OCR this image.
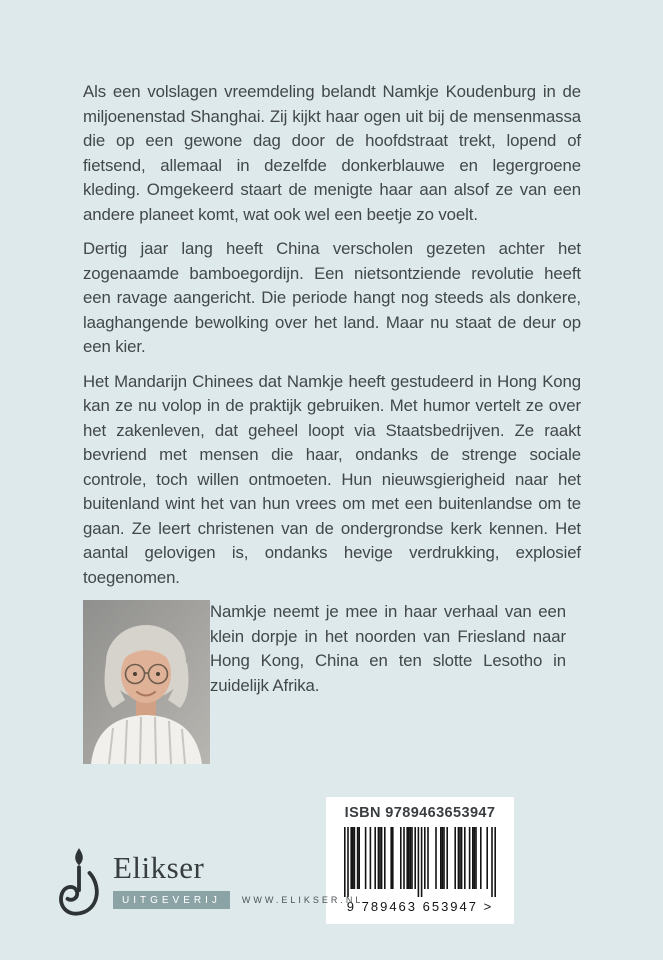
Als een volslagen vreemdeling belandt Namkje Koudenburg in de miljoenenstad Shanghai. Zij kijkt haar ogen uit bij de mensenmassa die op een gewone dag door de hoofdstraat trekt, lopend of fietsend, allemaal in dezelfde donkerblauwe en legergroene kleding. Omgekeerd staart de menigte haar aan alsof ze van een andere planeet komt, wat ook wel een beetje zo voelt.

Dertig jaar lang heeft China verscholen gezeten achter het zogenaamde bamboegordijn. Een nietsontziende revolutie heeft een ravage aangericht. Die periode hangt nog steeds als donkere, laaghangende bewolking over het land. Maar nu staat de deur op een kier.

Het Mandarijn Chinees dat Namkje heeft gestudeerd in Hong Kong kan ze nu volop in de praktijk gebruiken. Met humor vertelt ze over het zakenleven, dat geheel loopt via Staatsbedrijven. Ze raakt bevriend met mensen die haar, ondanks de strenge sociale controle, toch willen ontmoeten. Hun nieuwsgierigheid naar het buitenland wint het van hun vrees om met een buitenlandse om te gaan. Ze leert christenen van de ondergrondse kerk kennen. Het aantal gelovigen is, ondanks hevige verdrukking, explosief toegenomen.

Namkje neemt je mee in haar verhaal van een klein dorpje in het noorden van Friesland naar Hong Kong, China en ten slotte Lesotho in zuidelijk Afrika.

ISBN 9789463653947
9 789463 653947 >
Elikser
UITGEVERIJ	WWW.ELIKSER.NL
